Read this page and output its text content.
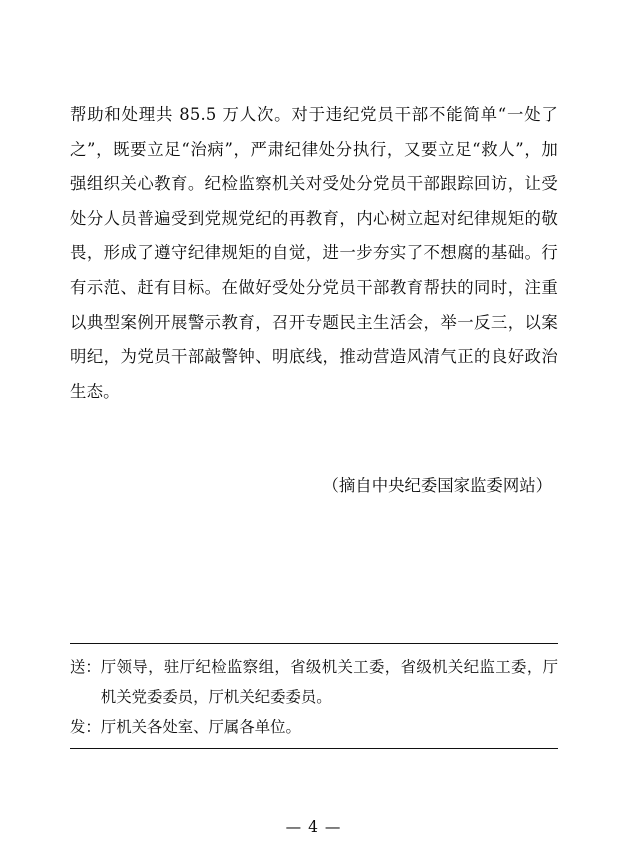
帮助和处理共 85.5 万人次。对于违纪党员干部不能简单“一处了之”，既要立足“治病”，严肃纪律处分执行，又要立足“救人”，加强组织关心教育。纪检监察机关对受处分党员干部跟踪回访，让受处分人员普遍受到党规党纪的再教育，内心树立起对纪律规矩的敬畏，形成了遵守纪律规矩的自觉，进一步夯实了不想腐的基础。行有示范、赶有目标。在做好受处分党员干部教育帮扶的同时，注重以典型案例开展警示教育，召开专题民主生活会，举一反三，以案明纪，为党员干部敲警钟、明底线，推动营造风清气正的良好政治生态。

（摘自中央纪委国家监委网站）
送： 厅领导，驻厅纪检监察组，省级机关工委，省级机关纪监工委，厅机关党委委员，厅机关纪委委员。
发： 厅机关各处室、厅属各单位。
— 4 —
